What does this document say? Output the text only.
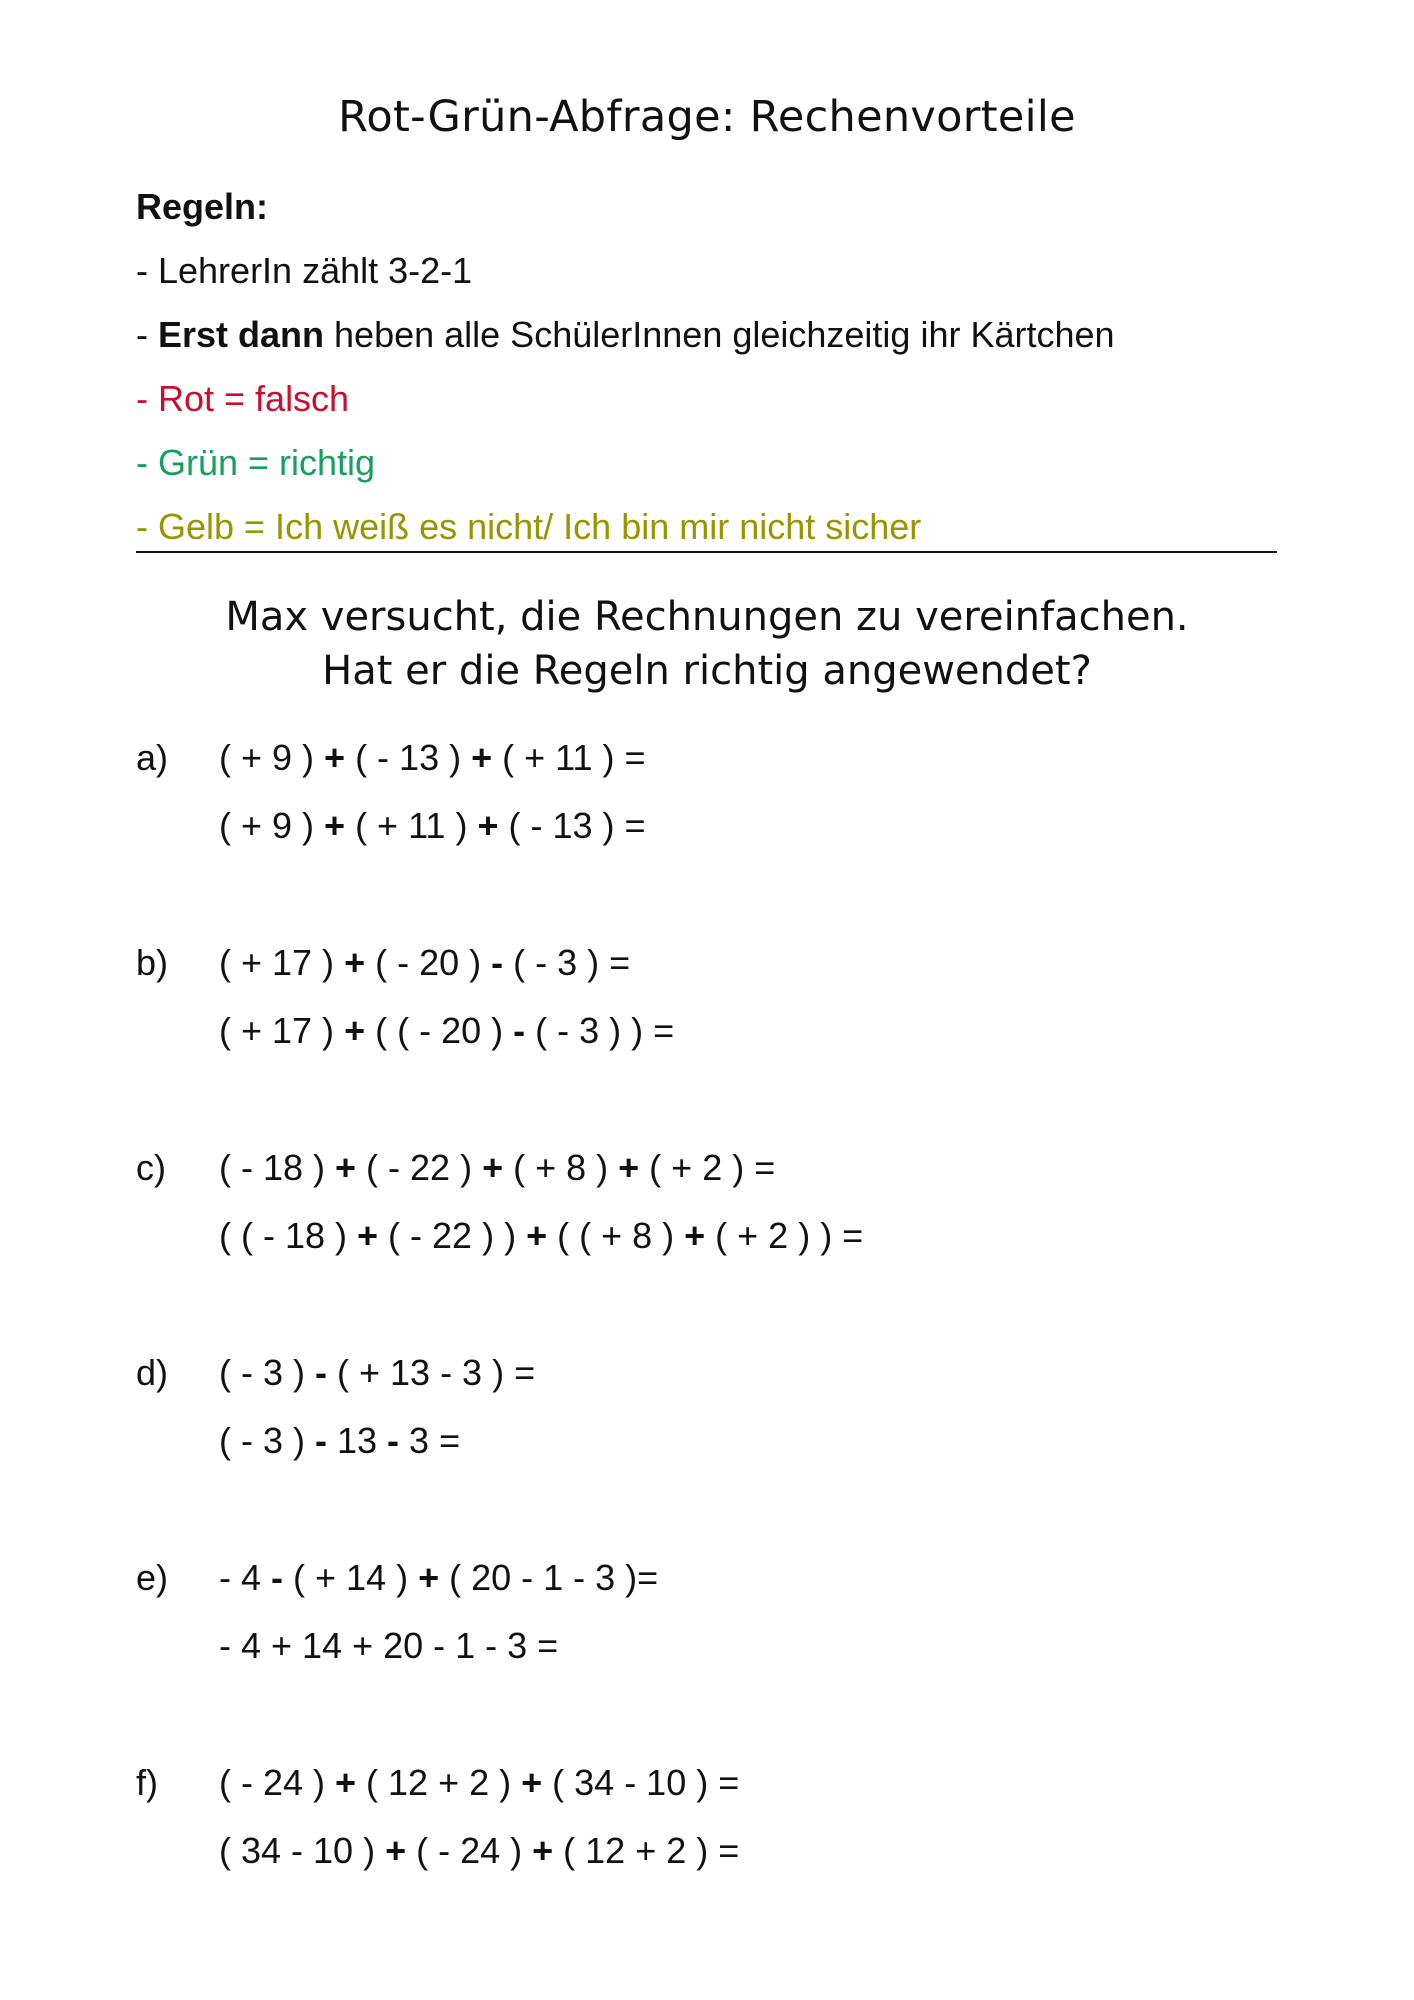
Rot-Grün-Abfrage: Rechenvorteile
Regeln:
- LehrerIn zählt 3-2-1
- Erst dann heben alle SchülerInnen gleichzeitig ihr Kärtchen
- Rot = falsch
- Grün = richtig
- Gelb = Ich weiß es nicht/ Ich bin mir nicht sicher
Max versucht, die Rechnungen zu vereinfachen.
Hat er die Regeln richtig angewendet?
a) ( + 9 ) + ( - 13 ) + ( + 11 ) =
( + 9 ) + ( + 11 ) + ( - 13 ) =
b) ( + 17 ) + ( - 20 ) - ( - 3 ) =
( + 17 ) + ( ( - 20 ) - ( - 3 ) ) =
c) ( - 18 ) + ( - 22 ) + ( + 8 ) + ( + 2 ) =
( ( - 18 ) + ( - 22 ) ) + ( ( + 8 ) + ( + 2 ) ) =
d) ( - 3 ) - ( + 13 - 3 ) =
( - 3 ) - 13 - 3 =
e) - 4 - ( + 14 ) + ( 20 - 1 - 3 )=
- 4 + 14 + 20 - 1 - 3 =
f) ( - 24 ) + ( 12 + 2 ) + ( 34 - 10 ) =
( 34 - 10 ) + ( - 24 ) + ( 12 + 2 ) =
